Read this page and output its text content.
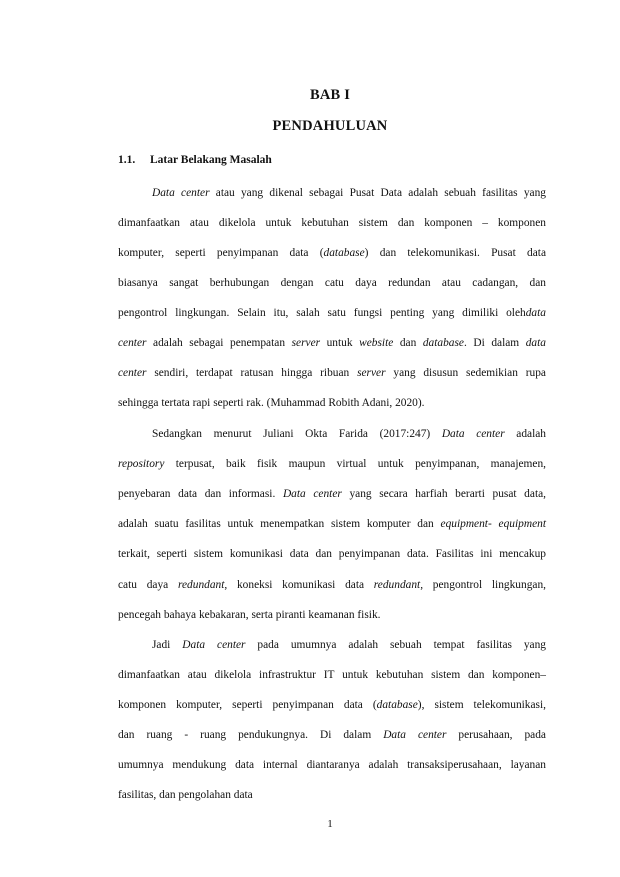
BAB I
PENDAHULUAN
1.1. Latar Belakang Masalah
Data center atau yang dikenal sebagai Pusat Data adalah sebuah fasilitas yang
dimanfaatkan atau dikelola untuk kebutuhan sistem dan komponen – komponen
komputer, seperti penyimpanan data (database) dan telekomunikasi. Pusat data
biasanya sangat berhubungan dengan catu daya redundan atau cadangan, dan
pengontrol lingkungan. Selain itu, salah satu fungsi penting yang dimiliki olehdata
center adalah sebagai penempatan server untuk website dan database. Di dalam data
center sendiri, terdapat ratusan hingga ribuan server yang disusun sedemikian rupa
sehingga tertata rapi seperti rak. (Muhammad Robith Adani, 2020).
Sedangkan menurut Juliani Okta Farida (2017:247) Data center adalah
repository terpusat, baik fisik maupun virtual untuk penyimpanan, manajemen,
penyebaran data dan informasi. Data center yang secara harfiah berarti pusat data,
adalah suatu fasilitas untuk menempatkan sistem komputer dan equipment- equipment
terkait, seperti sistem komunikasi data dan penyimpanan data. Fasilitas ini mencakup
catu daya redundant, koneksi komunikasi data redundant, pengontrol lingkungan,
pencegah bahaya kebakaran, serta piranti keamanan fisik.
Jadi Data center pada umumnya adalah sebuah tempat fasilitas yang
dimanfaatkan atau dikelola infrastruktur IT untuk kebutuhan sistem dan komponen–
komponen komputer, seperti penyimpanan data (database), sistem telekomunikasi,
dan ruang - ruang pendukungnya. Di dalam Data center perusahaan, pada
umumnya mendukung data internal diantaranya adalah transaksiperusahaan, layanan
fasilitas, dan pengolahan data
1
